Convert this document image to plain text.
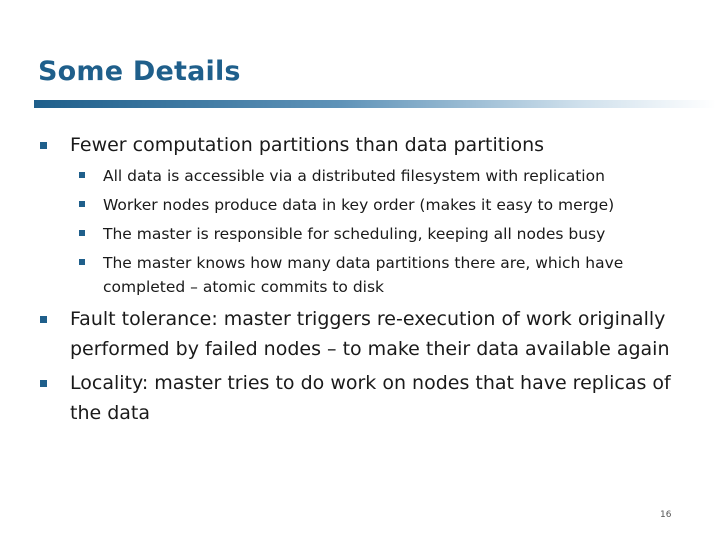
Some Details
Fewer computation partitions than data partitions
All data is accessible via a distributed filesystem with replication
Worker nodes produce data in key order (makes it easy to merge)
The master is responsible for scheduling, keeping all nodes busy
The master knows how many data partitions there are, which have completed – atomic commits to disk
Fault tolerance: master triggers re-execution of work originally performed by failed nodes – to make their data available again
Locality: master tries to do work on nodes that have replicas of the data
16
